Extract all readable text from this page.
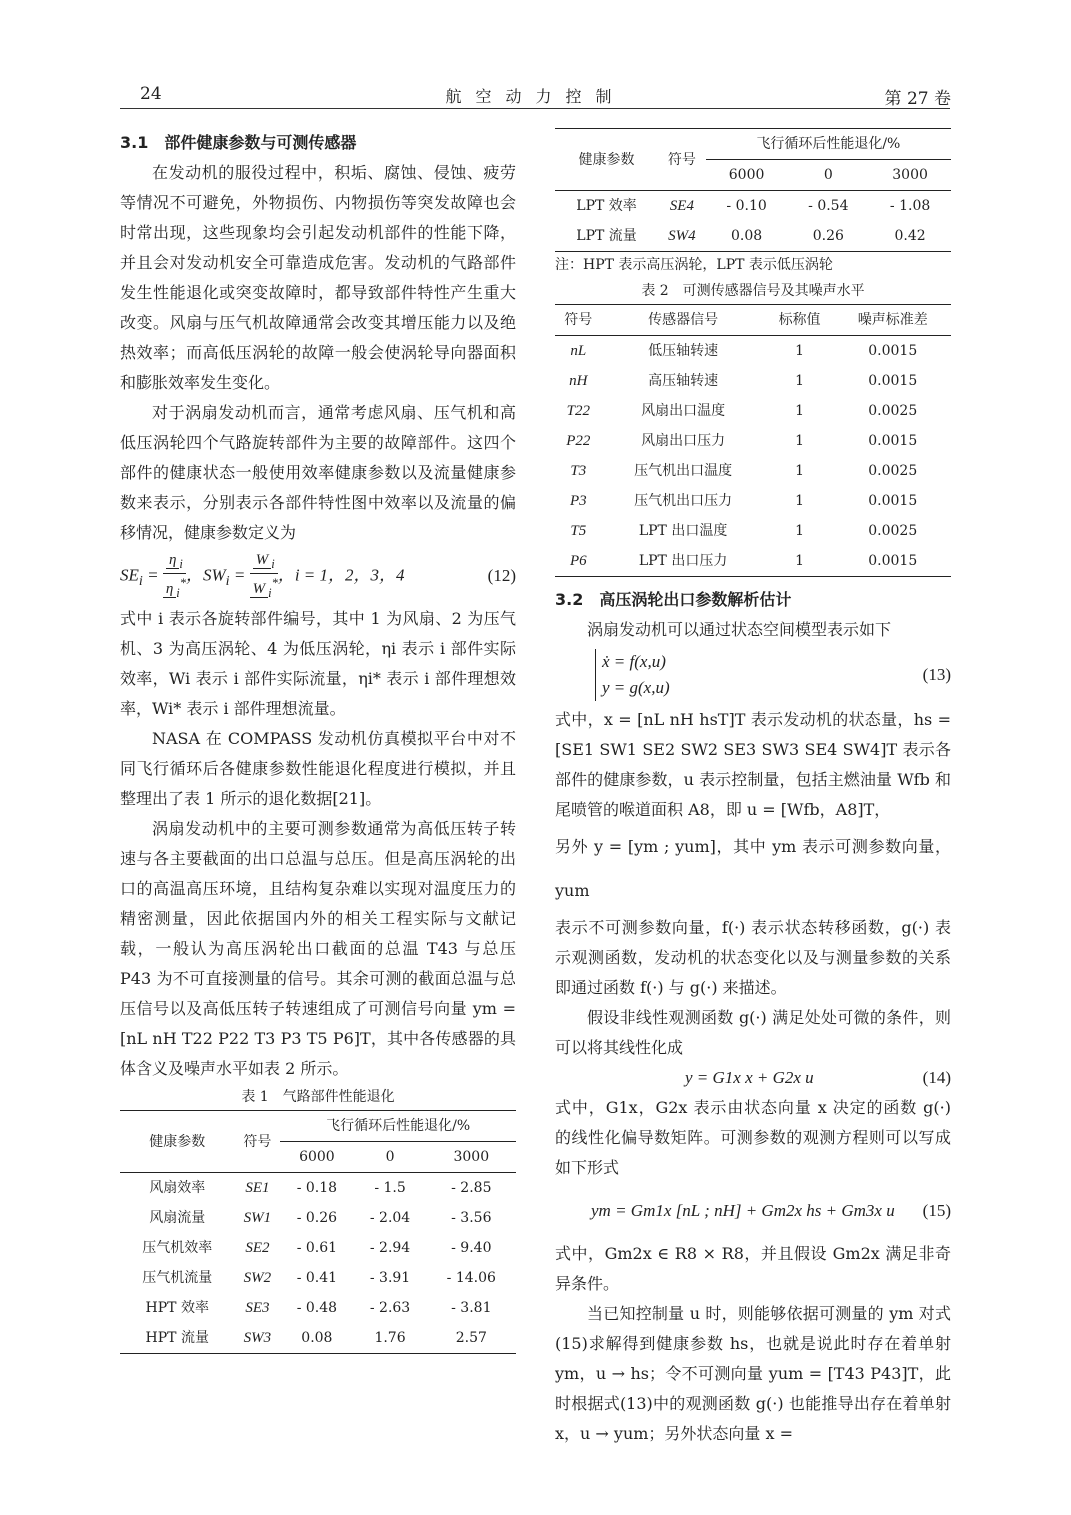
24	航空动力控制	第 27 卷
3.1　部件健康参数与可测传感器

在发动机的服役过程中，积垢、腐蚀、侵蚀、疲劳等情况不可避免，外物损伤、内物损伤等突发故障也会时常出现，这些现象均会引起发动机部件的性能下降，并且会对发动机安全可靠造成危害。发动机的气路部件发生性能退化或突变故障时，都导致部件特性产生重大改变。风扇与压气机故障通常会改变其增压能力以及绝热效率；而高低压涡轮的故障一般会使涡轮导向器面积和膨胀效率发生变化。

对于涡扇发动机而言，通常考虑风扇、压气机和高低压涡轮四个气路旋转部件为主要的故障部件。这四个部件的健康状态一般使用效率健康参数以及流量健康参数来表示，分别表示各部件特性图中效率以及流量的偏移情况，健康参数定义为

$SE_i = \frac{\eta _i}{\eta _i^*}$ ，$SW_i = \frac{W _i}{W _i^*}$ ，i = 1，2，3，4	(12)

式中 i 表示各旋转部件编号，其中 1 为风扇、2 为压气机、3 为高压涡轮、4 为低压涡轮，ηi 表示 i 部件实际效率，Wi 表示 i 部件实际流量，ηi* 表示 i 部件理想效率，Wi* 表示 i 部件理想流量。

NASA 在 COMPASS 发动机仿真模拟平台中对不同飞行循环后各健康参数性能退化程度进行模拟，并且整理出了表 1 所示的退化数据[21]。

涡扇发动机中的主要可测参数通常为高低压转子转速与各主要截面的出口总温与总压。但是高压涡轮的出口的高温高压环境，且结构复杂难以实现对温度压力的精密测量，因此依据国内外的相关工程实际与文献记载，一般认为高压涡轮出口截面的总温 T43 与总压 P43 为不可直接测量的信号。其余可测的截面总温与总压信号以及高低压转子转速组成了可测信号向量 ym = [nL nH T22 P22 T3 P3 T5 P6]T，其中各传感器的具体含义及噪声水平如表 2 所示。

表 1　气路部件性能退化
健康参数	符号	飞行循环后性能退化/%		
		6000	0	3000
风扇效率	SE1	- 0.18	- 1.5	- 2.85
风扇流量	SW1	- 0.26	- 2.04	- 3.56
压气机效率	SE2	- 0.61	- 2.94	- 9.40
压气机流量	SW2	- 0.41	- 3.91	- 14.06
HPT 效率	SE3	- 0.48	- 2.63	- 3.81
HPT 流量	SW3	0.08	1.76	2.57
健康参数	符号	飞行循环后性能退化/%		
		6000	0	3000
LPT 效率	SE4	- 0.10	- 0.54	- 1.08
LPT 流量	SW4	0.08	0.26	0.42
注：HPT 表示高压涡轮，LPT 表示低压涡轮
表 2　可测传感器信号及其噪声水平
符号	传感器信号	标称值	噪声标准差
nL	低压轴转速	1	0.0015
nH	高压轴转速	1	0.0015
T22	风扇出口温度	1	0.0025
P22	风扇出口压力	1	0.0015
T3	压气机出口温度	1	0.0025
P3	压气机出口压力	1	0.0015
T5	LPT 出口温度	1	0.0025
P6	LPT 出口压力	1	0.0015
3.2　高压涡轮出口参数解析估计

涡扇发动机可以通过状态空间模型表示如下

ẋ = f(x,u)
y = g(x,u)
(13)

式中，x = [nL nH hsT]T 表示发动机的状态量，hs = [SE1 SW1 SE2 SW2 SE3 SW3 SE4 SW4]T 表示各部件的健康参数，u 表示控制量，包括主燃油量 Wfb 和尾喷管的喉道面积 A8，即 u = [Wfb，A8]T，

另外 y = [ym ; yum]，其中 ym 表示可测参数向量，yum

表示不可测参数向量，f(·) 表示状态转移函数，g(·) 表示观测函数，发动机的状态变化以及与测量参数的关系即通过函数 f(·) 与 g(·) 来描述。

假设非线性观测函数 g(·) 满足处处可微的条件，则可以将其线性化成

y = G1x x + G2x u	(14)

式中，G1x，G2x 表示由状态向量 x 决定的函数 g(·) 的线性化偏导数矩阵。可测参数的观测方程则可以写成如下形式

ym = Gm1x [nL ; nH] + Gm2x hs + Gm3x u (15)

式中，Gm2x ∈ R8 × R8，并且假设 Gm2x 满足非奇异条件。

当已知控制量 u 时，则能够依据可测量的 ym 对式(15)求解得到健康参数 hs，也就是说此时存在着单射 ym，u → hs；令不可测向量 yum = [T43 P43]T，此时根据式(13)中的观测函数 g(·) 也能推导出存在着单射 x，u → yum；另外状态向量 x =
